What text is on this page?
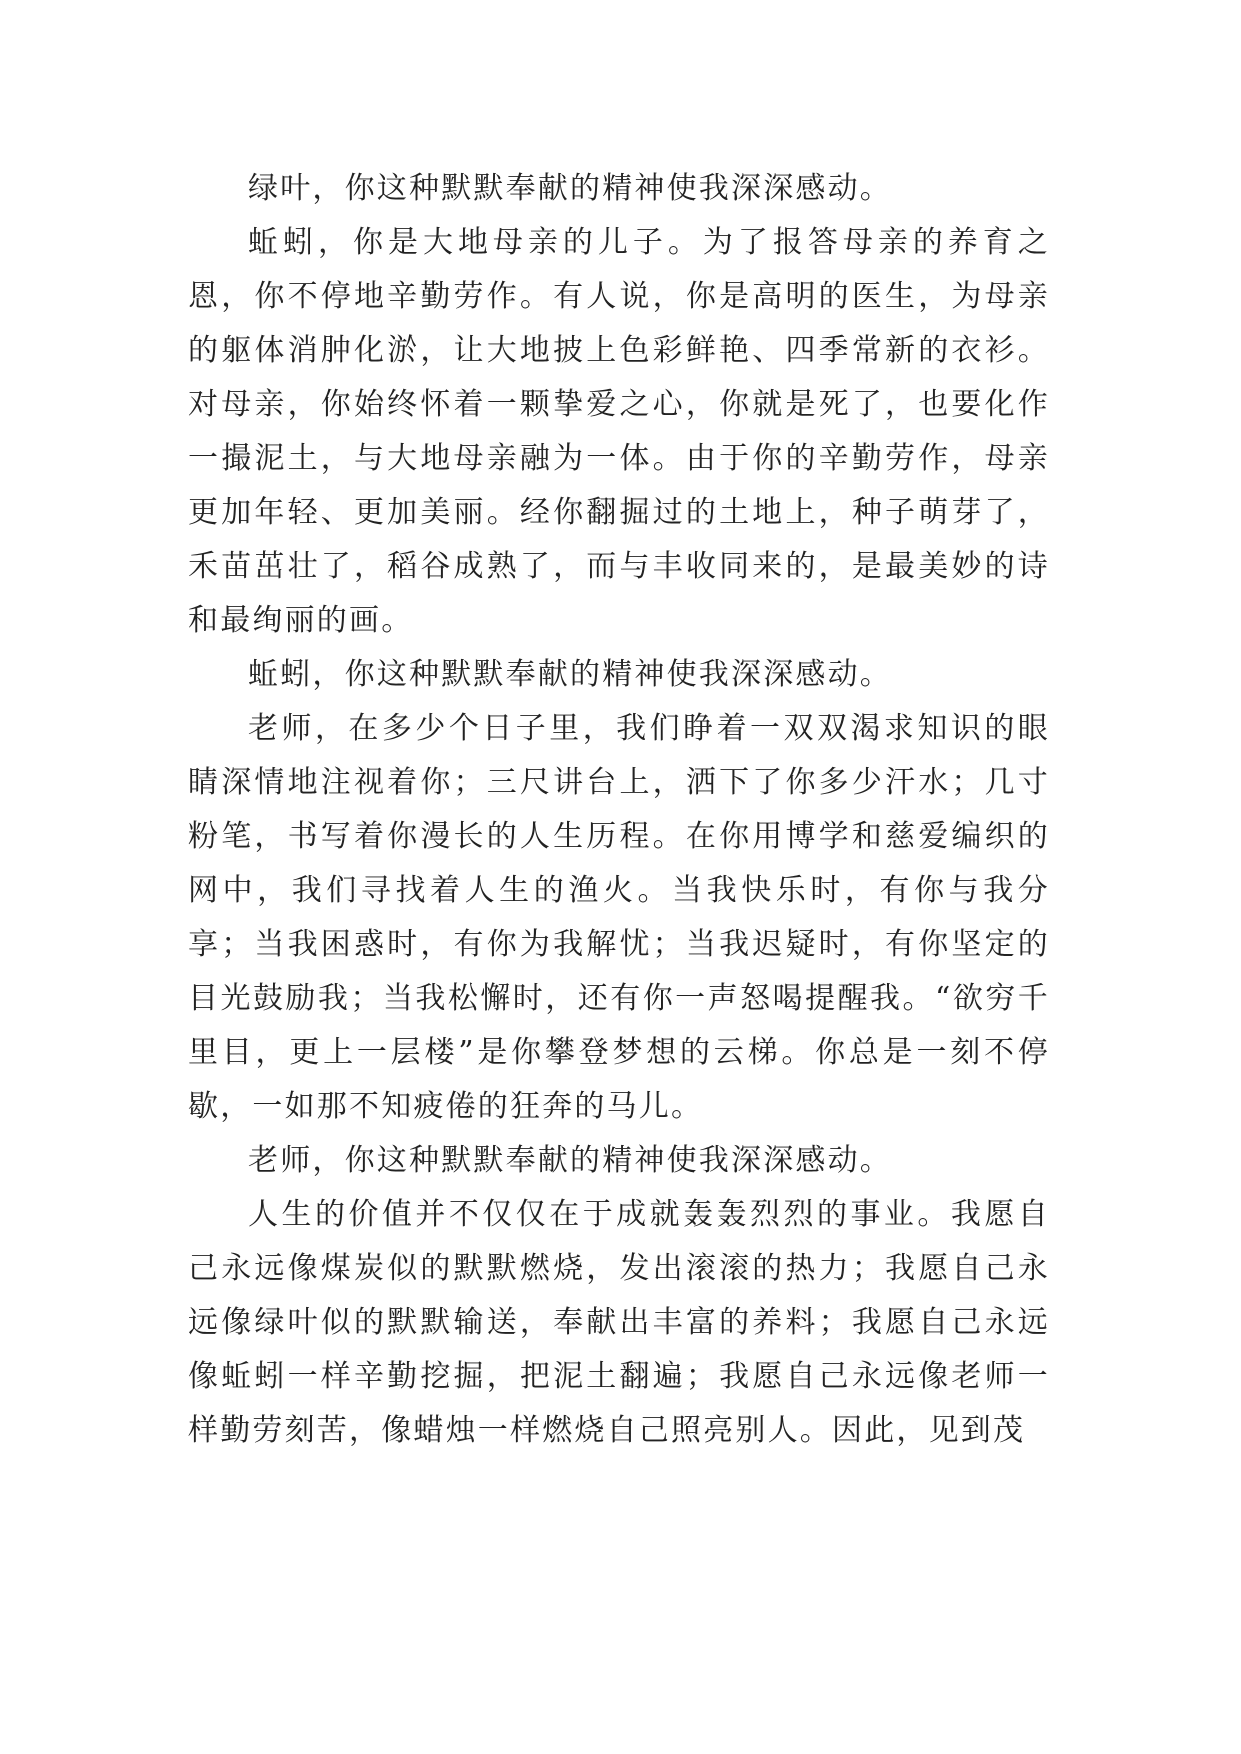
绿叶，你这种默默奉献的精神使我深深感动。

蚯蚓，你是大地母亲的儿子。为了报答母亲的养育之恩，你不停地辛勤劳作。有人说，你是高明的医生，为母亲的躯体消肿化淤，让大地披上色彩鲜艳、四季常新的衣衫。对母亲，你始终怀着一颗挚爱之心，你就是死了，也要化作一撮泥土，与大地母亲融为一体。由于你的辛勤劳作，母亲更加年轻、更加美丽。经你翻掘过的土地上，种子萌芽了，禾苗茁壮了，稻谷成熟了，而与丰收同来的，是最美妙的诗和最绚丽的画。

蚯蚓，你这种默默奉献的精神使我深深感动。

老师，在多少个日子里，我们睁着一双双渴求知识的眼睛深情地注视着你；三尺讲台上，洒下了你多少汗水；几寸粉笔，书写着你漫长的人生历程。在你用博学和慈爱编织的网中，我们寻找着人生的渔火。当我快乐时，有你与我分享；当我困惑时，有你为我解忧；当我迟疑时，有你坚定的目光鼓励我；当我松懈时，还有你一声怒喝提醒我。“欲穷千里目，更上一层楼”是你攀登梦想的云梯。你总是一刻不停歇，一如那不知疲倦的狂奔的马儿。

老师，你这种默默奉献的精神使我深深感动。

人生的价值并不仅仅在于成就轰轰烈烈的事业。我愿自己永远像煤炭似的默默燃烧，发出滚滚的热力；我愿自己永远像绿叶似的默默输送，奉献出丰富的养料；我愿自己永远像蚯蚓一样辛勤挖掘，把泥土翻遍；我愿自己永远像老师一样勤劳刻苦，像蜡烛一样燃烧自己照亮别人。因此，见到茂
